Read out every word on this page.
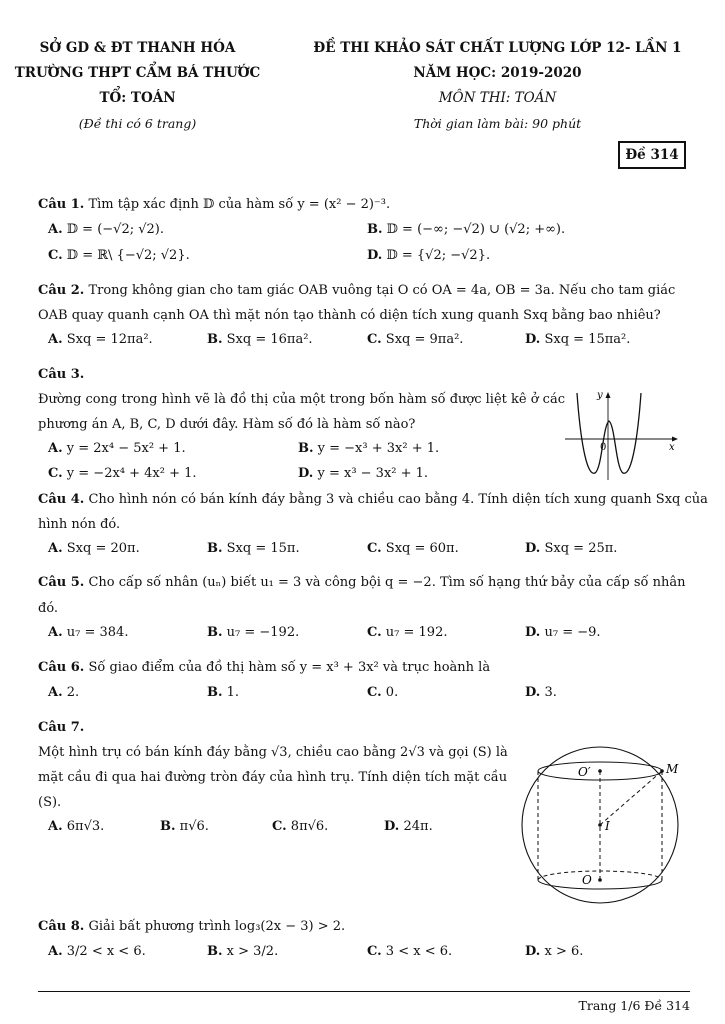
SỞ GD & ĐT THANH HÓA
TRƯỜNG THPT CẨM BÁ THƯỚC
TỔ: TOÁN
(Đề thi có 6 trang)
ĐỀ THI KHẢO SÁT CHẤT LƯỢNG LỚP 12- LẦN 1
NĂM HỌC: 2019-2020
MÔN THI: TOÁN
Thời gian làm bài: 90 phút
Đề 314
Câu 1. Tìm tập xác định 𝔻 của hàm số y = (x² − 2)⁻³.
A. 𝔻 = (−√2; √2).	B. 𝔻 = (−∞; −√2) ∪ (√2; +∞).
C. 𝔻 = ℝ\ {−√2; √2}.	D. 𝔻 = {√2; −√2}.
Câu 2. Trong không gian cho tam giác OAB vuông tại O có OA = 4a, OB = 3a. Nếu cho tam giác
OAB quay quanh cạnh OA thì mặt nón tạo thành có diện tích xung quanh Sxq bằng bao nhiêu?
A. Sxq = 12πa².	B. Sxq = 16πa².	C. Sxq = 9πa².	D. Sxq = 15πa².
Câu 3.
Đường cong trong hình vẽ là đồ thị của một trong bốn hàm số được liệt kê ở các
phương án A, B, C, D dưới đây. Hàm số đó là hàm số nào?
A. y = 2x⁴ − 5x² + 1.	B. y = −x³ + 3x² + 1.
C. y = −2x⁴ + 4x² + 1.	D. y = x³ − 3x² + 1.
x
y
0
Câu 4. Cho hình nón có bán kính đáy bằng 3 và chiều cao bằng 4. Tính diện tích xung quanh Sxq của
hình nón đó.
A. Sxq = 20π.	B. Sxq = 15π.	C. Sxq = 60π.	D. Sxq = 25π.
Câu 5. Cho cấp số nhân (uₙ) biết u₁ = 3 và công bội q = −2. Tìm số hạng thứ bảy của cấp số nhân
đó.
A. u₇ = 384.	B. u₇ = −192.	C. u₇ = 192.	D. u₇ = −9.
Câu 6. Số giao điểm của đồ thị hàm số y = x³ + 3x² và trục hoành là
A. 2.	B. 1.	C. 0.	D. 3.
Câu 7.
Một hình trụ có bán kính đáy bằng √3, chiều cao bằng 2√3 và gọi (S) là
mặt cầu đi qua hai đường tròn đáy của hình trụ. Tính diện tích mặt cầu
(S).
A. 6π√3.	B. π√6.	C. 8π√6.	D. 24π.
O′
I
O
M
Câu 8. Giải bất phương trình log₃(2x − 3) > 2.
A. 3/2 < x < 6.	B. x > 3/2.	C. 3 < x < 6.	D. x > 6.
Trang 1/6 Đề 314
